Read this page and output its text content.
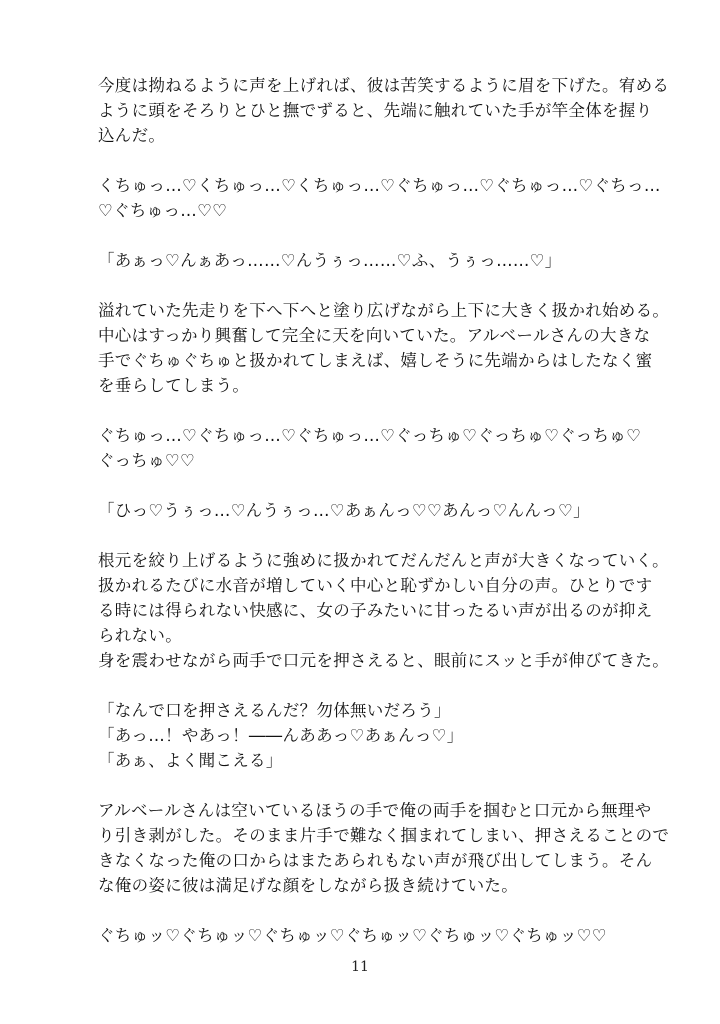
今度は拗ねるように声を上げれば、彼は苦笑するように眉を下げた。宥める
ように頭をそろりとひと撫でずると、先端に触れていた手が竿全体を握り
込んだ。
くちゅっ…♡くちゅっ…♡くちゅっ…♡ぐちゅっ…♡ぐちゅっ…♡ぐちっ…
♡ぐちゅっ…♡♡
「あぁっ♡んぁあっ……♡んうぅっ……♡ふ、うぅっ……♡」
溢れていた先走りを下へ下へと塗り広げながら上下に大きく扱かれ始める。
中心はすっかり興奮して完全に天を向いていた。アルベールさんの大きな
手でぐちゅぐちゅと扱かれてしまえば、嬉しそうに先端からはしたなく蜜
を垂らしてしまう。
ぐちゅっ…♡ぐちゅっ…♡ぐちゅっ…♡ぐっちゅ♡ぐっちゅ♡ぐっちゅ♡
ぐっちゅ♡♡
「ひっ♡うぅっ…♡んうぅっ…♡あぁんっ♡♡あんっ♡んんっ♡」
根元を絞り上げるように強めに扱かれてだんだんと声が大きくなっていく。
扱かれるたびに水音が増していく中心と恥ずかしい自分の声。ひとりです
る時には得られない快感に、女の子みたいに甘ったるい声が出るのが抑え
られない。
身を震わせながら両手で口元を押さえると、眼前にスッと手が伸びてきた。
「なんで口を押さえるんだ？勿体無いだろう」
「あっ…！やあっ！――んああっ♡あぁんっ♡」
「あぁ、よく聞こえる」
アルベールさんは空いているほうの手で俺の両手を掴むと口元から無理や
り引き剥がした。そのまま片手で難なく掴まれてしまい、押さえることので
きなくなった俺の口からはまたあられもない声が飛び出してしまう。そん
な俺の姿に彼は満足げな顔をしながら扱き続けていた。
ぐちゅッ♡ぐちゅッ♡ぐちゅッ♡ぐちゅッ♡ぐちゅッ♡ぐちゅッ♡♡
11
